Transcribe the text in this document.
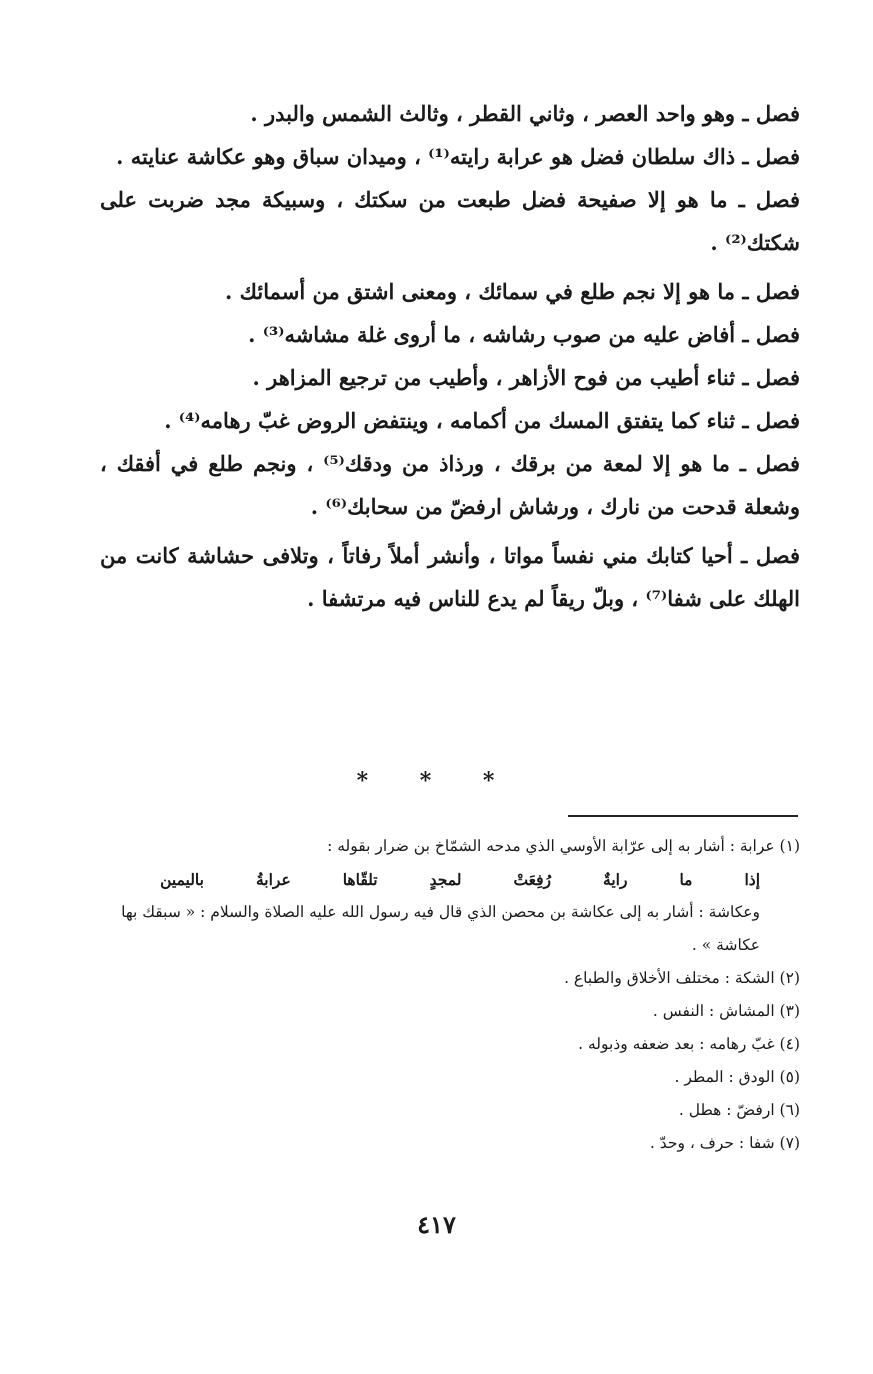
فصل ـ وهو واحد العصر ، وثاني القطر ، وثالث الشمس والبدر .

فصل ـ ذاك سلطان فضل هو عرابة رايته⁽¹⁾ ، وميدان سباق وهو عكاشة عنايته .

فصل ـ ما هو إلا صفيحة فضل طبعت من سكتك ، وسبيكة مجد ضربت على شكتك⁽²⁾ .

فصل ـ ما هو إلا نجم طلع في سمائك ، ومعنى اشتق من أسمائك .

فصل ـ أفاض عليه من صوب رشاشه ، ما أروى غلة مشاشه⁽³⁾ .

فصل ـ ثناء أطيب من فوح الأزاهر ، وأطيب من ترجيع المزاهر .

فصل ـ ثناء كما يتفتق المسك من أكمامه ، وينتفض الروض غبّ رهامه⁽⁴⁾ .

فصل ـ ما هو إلا لمعة من برقك ، ورذاذ من ودقك⁽⁵⁾ ، ونجم طلع في أفقك ، وشعلة قدحت من نارك ، ورشاش ارفضّ من سحابك⁽⁶⁾ .

فصل ـ أحيا كتابك مني نفساً مواتا ، وأنشر أملاً رفاتاً ، وتلافى حشاشة كانت من الهلك على شفا⁽⁷⁾ ، وبلّ ريقاً لم يدع للناس فيه مرتشفا .

* * *

(١) عرابة : أشار به إلى عرّابة الأوسي الذي مدحه الشمّاخ بن ضرار بقوله :

إذا
ما
رايةٌ
رُفِعَتْ
لمجدٍ
تلقّاها
عرابةُ
باليمين

وعكاشة : أشار به إلى عكاشة بن محصن الذي قال فيه رسول الله عليه الصلاة والسلام : « سبقك بها عكاشة » .

(٢) الشكة : مختلف الأخلاق والطباع .

(٣) المشاش : النفس .

(٤) غبّ رهامه : بعد ضعفه وذبوله .

(٥) الودق : المطر .

(٦) ارفضّ : هطل .

(٧) شفا : حرف ، وحدّ .

٤١٧
